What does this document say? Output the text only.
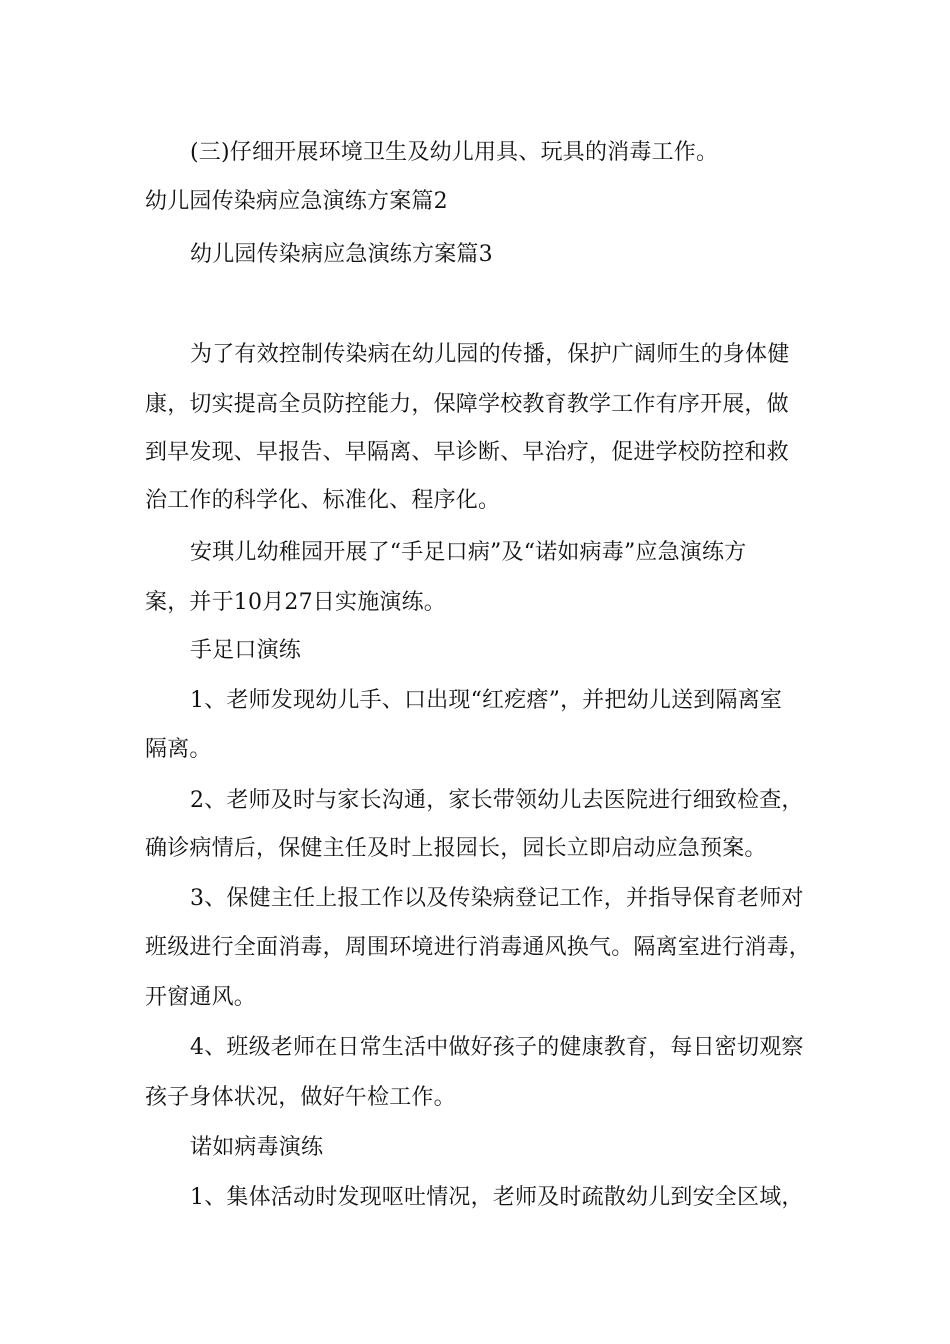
(三)仔细开展环境卫生及幼儿用具、玩具的消毒工作。
幼儿园传染病应急演练方案篇2
幼儿园传染病应急演练方案篇3
为了有效控制传染病在幼儿园的传播，保护广阔师生的身体健
康，切实提高全员防控能力，保障学校教育教学工作有序开展，做
到早发现、早报告、早隔离、早诊断、早治疗，促进学校防控和救
治工作的科学化、标准化、程序化。
安琪儿幼稚园开展了“手足口病”及“诺如病毒”应急演练方
案，并于10月27日实施演练。
手足口演练
1、老师发现幼儿手、口出现“红疙瘩”，并把幼儿送到隔离室
隔离。
2、老师及时与家长沟通，家长带领幼儿去医院进行细致检查，
确诊病情后，保健主任及时上报园长，园长立即启动应急预案。
3、保健主任上报工作以及传染病登记工作，并指导保育老师对
班级进行全面消毒，周围环境进行消毒通风换气。隔离室进行消毒，
开窗通风。
4、班级老师在日常生活中做好孩子的健康教育，每日密切观察
孩子身体状况，做好午检工作。
诺如病毒演练
1、集体活动时发现呕吐情况，老师及时疏散幼儿到安全区域，
